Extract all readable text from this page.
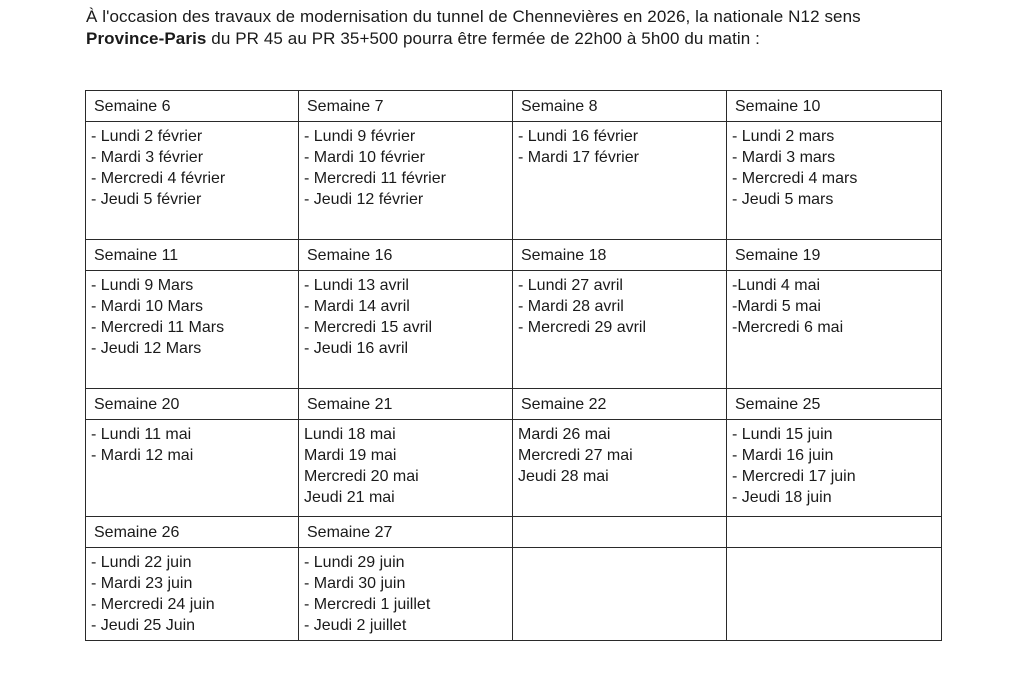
À l'occasion des travaux de modernisation du tunnel de Chennevières en 2026, la nationale N12 sens
Province-Paris du PR 45 au PR 35+500 pourra être fermée de 22h00 à 5h00 du matin :
Semaine 6	Semaine 7	Semaine 8	Semaine 10

- Lundi 2 février
- Mardi 3 février
- Mercredi 4 février
- Jeudi 5 février	- Lundi 9 février
- Mardi 10 février
- Mercredi 11 février
- Jeudi 12 février	- Lundi 16 février
- Mardi 17 février	- Lundi 2 mars
- Mardi 3 mars
- Mercredi 4 mars
- Jeudi 5 mars

Semaine 11	Semaine 16	Semaine 18	Semaine 19

- Lundi 9 Mars
- Mardi 10 Mars
- Mercredi 11 Mars
- Jeudi 12 Mars	- Lundi 13 avril
- Mardi 14 avril
- Mercredi 15 avril
- Jeudi 16 avril	- Lundi 27 avril
- Mardi 28 avril
- Mercredi 29 avril	-Lundi 4 mai
-Mardi 5 mai
-Mercredi 6 mai

Semaine 20	Semaine 21	Semaine 22	Semaine 25

- Lundi 11 mai
- Mardi 12 mai	Lundi 18 mai
Mardi 19 mai
Mercredi 20 mai
Jeudi 21 mai	Mardi 26 mai
Mercredi 27 mai
Jeudi 28 mai	- Lundi 15 juin
- Mardi 16 juin
- Mercredi 17 juin
- Jeudi 18 juin

Semaine 26	Semaine 27		

- Lundi 22 juin
- Mardi 23 juin
- Mercredi 24 juin
- Jeudi 25 Juin	- Lundi 29 juin
- Mardi 30 juin
- Mercredi 1 juillet
- Jeudi 2 juillet		
